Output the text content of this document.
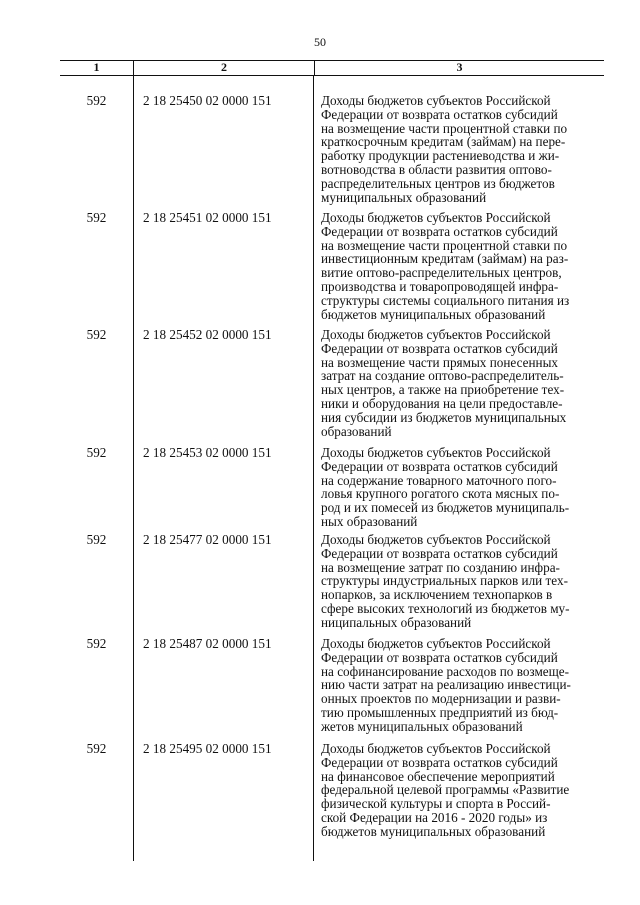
50
1	2	3
592	2 18 25450 02 0000 151	Доходы бюджетов субъектов Российской
Федерации от возврата остатков субсидий
на возмещение части процентной ставки по
краткосрочным кредитам (займам) на пере-
работку продукции растениеводства и жи-
вотноводства в области развития оптово-
распределительных центров из бюджетов
муниципальных образований
592	2 18 25451 02 0000 151	Доходы бюджетов субъектов Российской
Федерации от возврата остатков субсидий
на возмещение части процентной ставки по
инвестиционным кредитам (займам) на раз-
витие оптово-распределительных центров,
производства и товаропроводящей инфра-
структуры системы социального питания из
бюджетов муниципальных образований
592	2 18 25452 02 0000 151	Доходы бюджетов субъектов Российской
Федерации от возврата остатков субсидий
на возмещение части прямых понесенных
затрат на создание оптово-распределитель-
ных центров, а также на приобретение тех-
ники и оборудования на цели предоставле-
ния субсидии из бюджетов муниципальных
образований
592	2 18 25453 02 0000 151	Доходы бюджетов субъектов Российской
Федерации от возврата остатков субсидий
на содержание товарного маточного пого-
ловья крупного рогатого скота мясных по-
род и их помесей из бюджетов муниципаль-
ных образований
592	2 18 25477 02 0000 151	Доходы бюджетов субъектов Российской
Федерации от возврата остатков субсидий
на возмещение затрат по созданию инфра-
структуры индустриальных парков или тех-
нопарков, за исключением технопарков в
сфере высоких технологий из бюджетов му-
ниципальных образований
592	2 18 25487 02 0000 151	Доходы бюджетов субъектов Российской
Федерации от возврата остатков субсидий
на софинансирование расходов по возмеще-
нию части затрат на реализацию инвестици-
онных проектов по модернизации и разви-
тию промышленных предприятий из бюд-
жетов муниципальных образований
592	2 18 25495 02 0000 151	Доходы бюджетов субъектов Российской
Федерации от возврата остатков субсидий
на финансовое обеспечение мероприятий
федеральной целевой программы «Развитие
физической культуры и спорта в Россий-
ской Федерации на 2016 - 2020 годы» из
бюджетов муниципальных образований
